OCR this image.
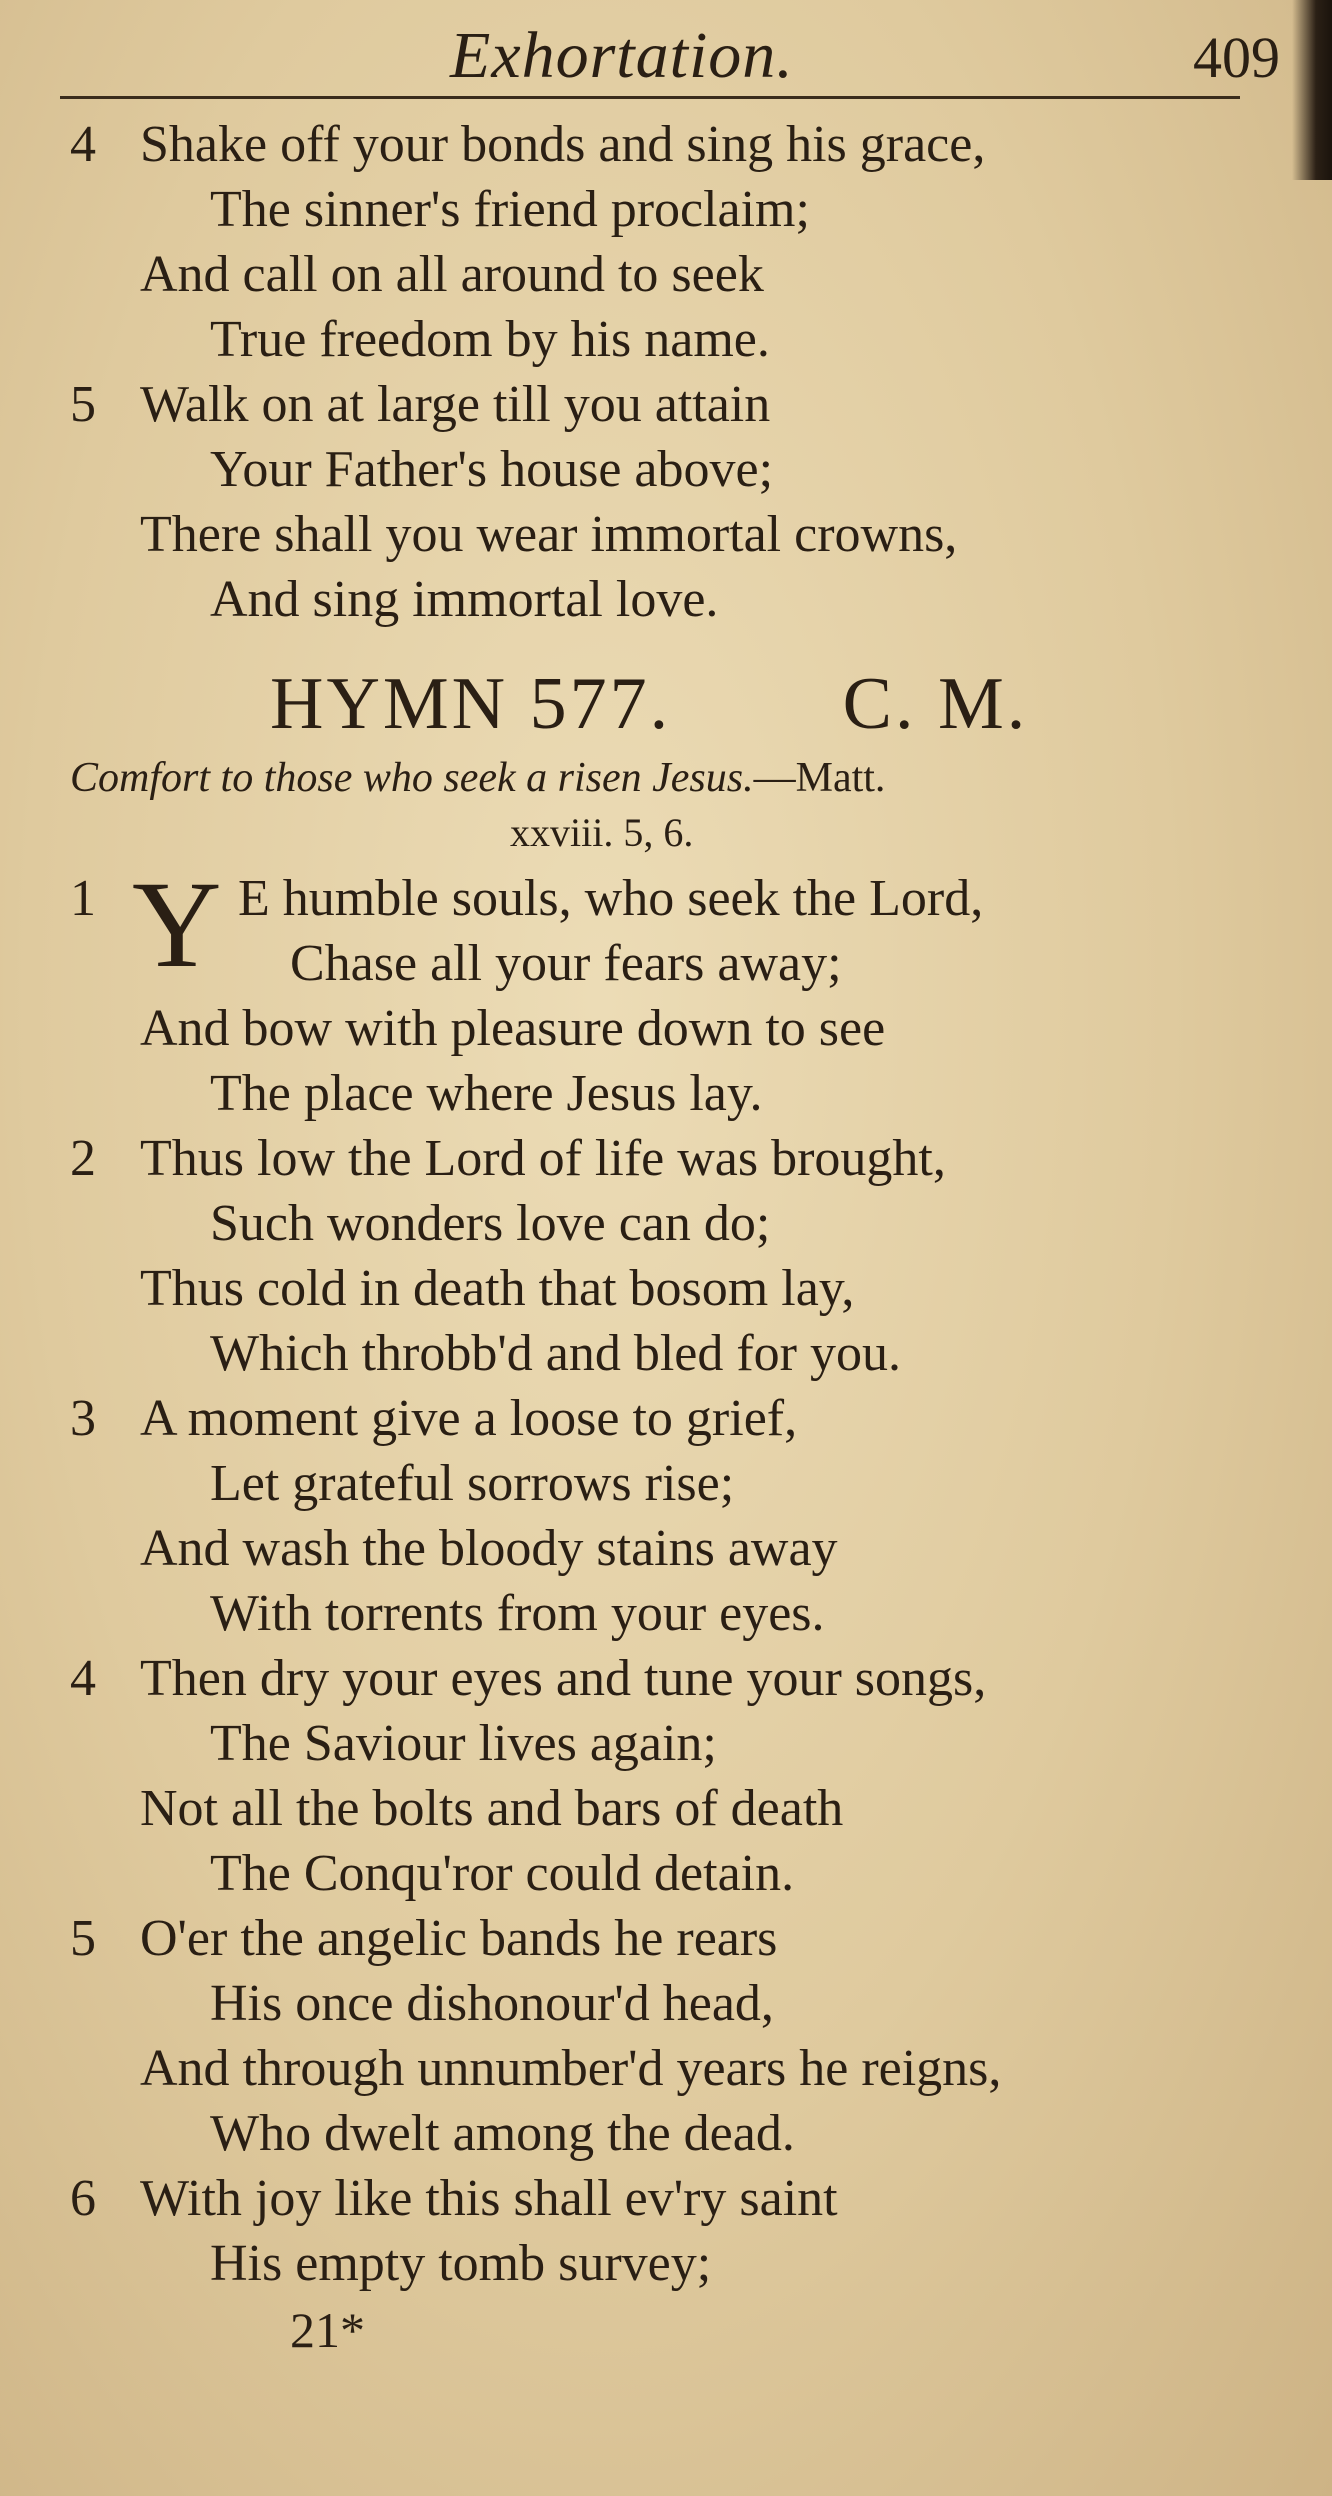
Exhortation.	409
4 Shake off your bonds and sing his grace,
The sinner's friend proclaim;
And call on all around to seek
True freedom by his name.
5 Walk on at large till you attain
Your Father's house above;
There shall you wear immortal crowns,
And sing immortal love.
HYMN 577. C. M.
Comfort to those who seek a risen Jesus.—Matt.
xxviii. 5, 6.
1 Y E humble souls, who seek the Lord,
Chase all your fears away;
And bow with pleasure down to see
The place where Jesus lay.
2 Thus low the Lord of life was brought,
Such wonders love can do;
Thus cold in death that bosom lay,
Which throbb'd and bled for you.
3 A moment give a loose to grief,
Let grateful sorrows rise;
And wash the bloody stains away
With torrents from your eyes.
4 Then dry your eyes and tune your songs,
The Saviour lives again;
Not all the bolts and bars of death
The Conqu'ror could detain.
5 O'er the angelic bands he rears
His once dishonour'd head,
And through unnumber'd years he reigns,
Who dwelt among the dead.
6 With joy like this shall ev'ry saint
His empty tomb survey;
21*
